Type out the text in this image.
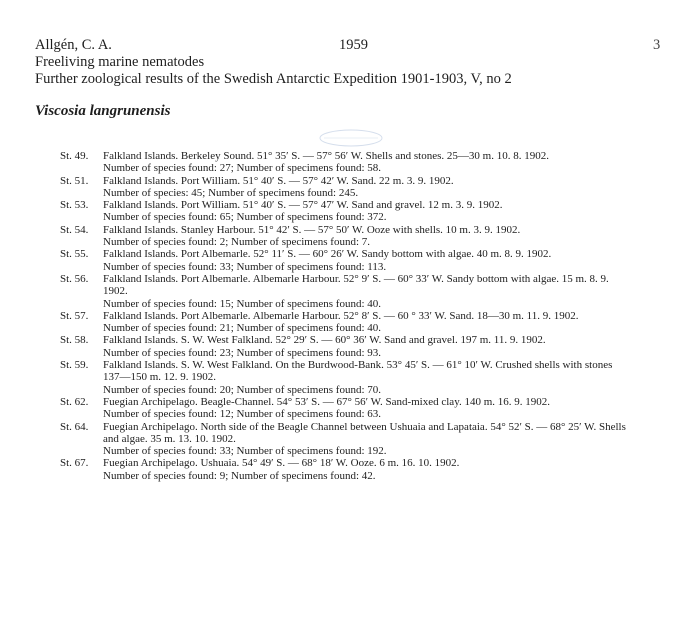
Allgén, C. A.	1959	3
Freeliving marine nematodes
Further zoological results of the Swedish Antarctic Expedition 1901-1903, V, no 2
Viscosia langrunensis
St. 49.	Falkland Islands. Berkeley Sound. 51° 35′ S. — 57° 56′ W. Shells and stones. 25—30 m. 10. 8. 1902.
Number of species found: 27; Number of specimens found: 58.
St. 51.	Falkland Islands. Port William. 51° 40′ S. — 57° 42′ W. Sand. 22 m. 3. 9. 1902.
Number of species: 45; Number of specimens found: 245.
St. 53.	Falkland Islands. Port William. 51° 40′ S. — 57° 47′ W. Sand and gravel. 12 m. 3. 9. 1902.
Number of species found: 65; Number of specimens found: 372.
St. 54.	Falkland Islands. Stanley Harbour. 51° 42′ S. — 57° 50′ W. Ooze with shells. 10 m. 3. 9. 1902.
Number of species found: 2; Number of specimens found: 7.
St. 55.	Falkland Islands. Port Albemarle. 52° 11′ S. — 60° 26′ W. Sandy bottom with algae. 40 m. 8. 9. 1902.
Number of species found: 33; Number of specimens found: 113.
St. 56.	Falkland Islands. Port Albemarle. Albemarle Harbour. 52° 9′ S. — 60° 33′ W. Sandy bottom with algae. 15 m. 8. 9. 1902.
Number of species found: 15; Number of specimens found: 40.
St. 57.	Falkland Islands. Port Albemarle. Albemarle Harbour. 52° 8′ S. — 60 ° 33′ W. Sand. 18—30 m. 11. 9. 1902.
Number of species found: 21; Number of specimens found: 40.
St. 58.	Falkland Islands. S. W. West Falkland. 52° 29′ S. — 60° 36′ W. Sand and gravel. 197 m. 11. 9. 1902.
Number of species found: 23; Number of specimens found: 93.
St. 59.	Falkland Islands. S. W. West Falkland. On the Burdwood-Bank. 53° 45′ S. — 61° 10′ W. Crushed shells with stones 137—150 m. 12. 9. 1902.
Number of species found: 20; Number of specimens found: 70.
St. 62.	Fuegian Archipelago. Beagle-Channel. 54° 53′ S. — 67° 56′ W. Sand-mixed clay. 140 m. 16. 9. 1902.
Number of species found: 12; Number of specimens found: 63.
St. 64.	Fuegian Archipelago. North side of the Beagle Channel between Ushuaia and Lapataia. 54° 52′ S. — 68° 25′ W. Shells and algae. 35 m. 13. 10. 1902.
Number of species found: 33; Number of specimens found: 192.
St. 67.	Fuegian Archipelago. Ushuaia. 54° 49′ S. — 68° 18′ W. Ooze. 6 m. 16. 10. 1902.
Number of species found: 9; Number of specimens found: 42.
